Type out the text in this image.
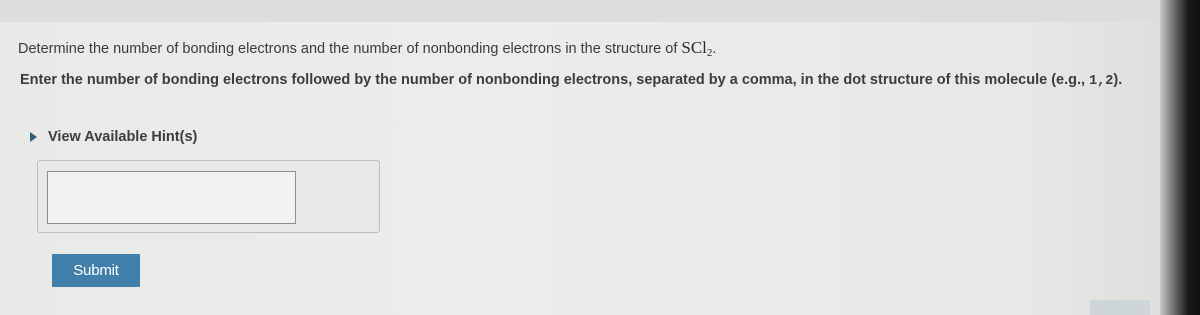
Determine the number of bonding electrons and the number of nonbonding electrons in the structure of SCl$_2$.
Enter the number of bonding electrons followed by the number of nonbonding electrons, separated by a comma, in the dot structure of this molecule (e.g., 1,2).
View Available Hint(s)
Submit
